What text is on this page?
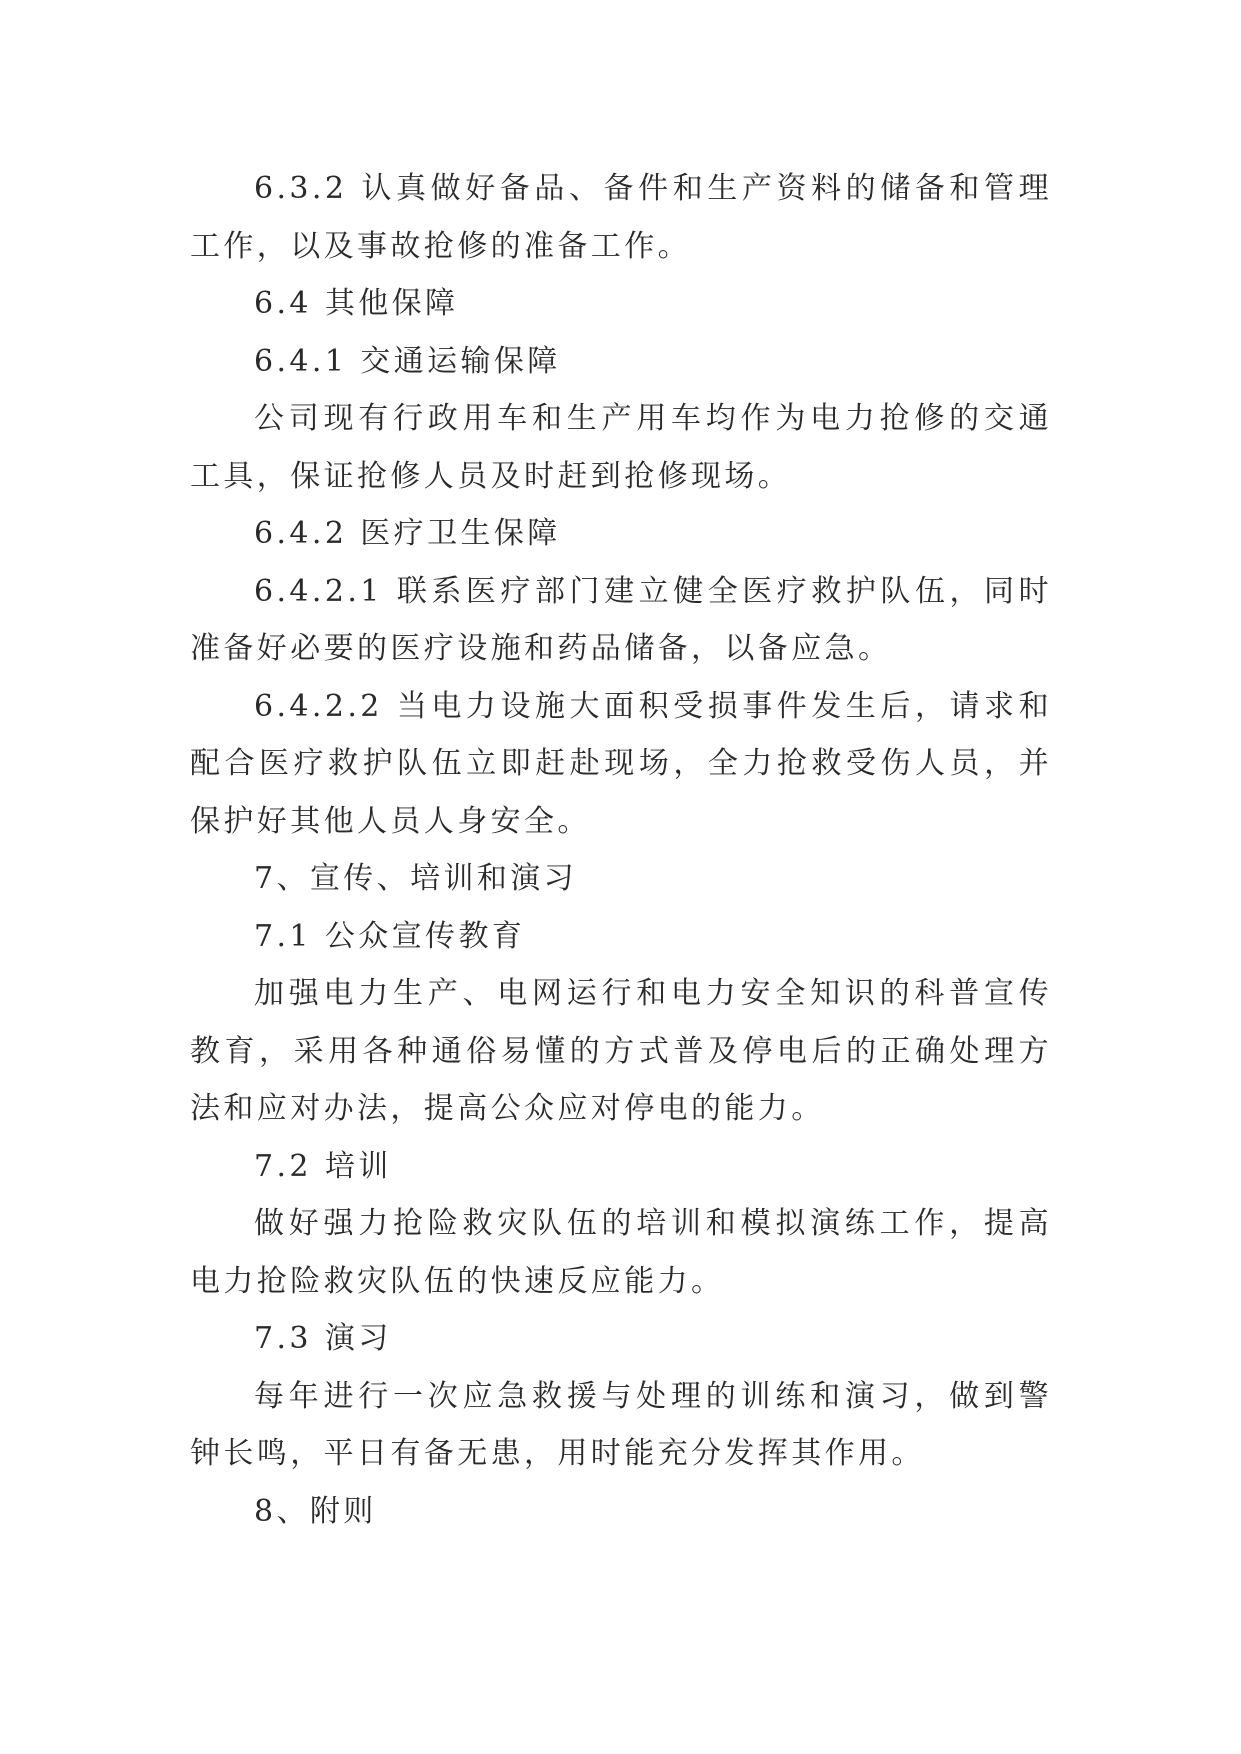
6.3.2 认真做好备品、备件和生产资料的储备和管理工作，以及事故抢修的准备工作。

6.4 其他保障

6.4.1 交通运输保障

公司现有行政用车和生产用车均作为电力抢修的交通工具，保证抢修人员及时赶到抢修现场。

6.4.2 医疗卫生保障

6.4.2.1 联系医疗部门建立健全医疗救护队伍，同时准备好必要的医疗设施和药品储备，以备应急。

6.4.2.2 当电力设施大面积受损事件发生后，请求和配合医疗救护队伍立即赶赴现场，全力抢救受伤人员，并保护好其他人员人身安全。

7、宣传、培训和演习

7.1 公众宣传教育

加强电力生产、电网运行和电力安全知识的科普宣传教育，采用各种通俗易懂的方式普及停电后的正确处理方法和应对办法，提高公众应对停电的能力。

7.2 培训

做好强力抢险救灾队伍的培训和模拟演练工作，提高电力抢险救灾队伍的快速反应能力。

7.3 演习

每年进行一次应急救援与处理的训练和演习，做到警钟长鸣，平日有备无患，用时能充分发挥其作用。

8、附则
